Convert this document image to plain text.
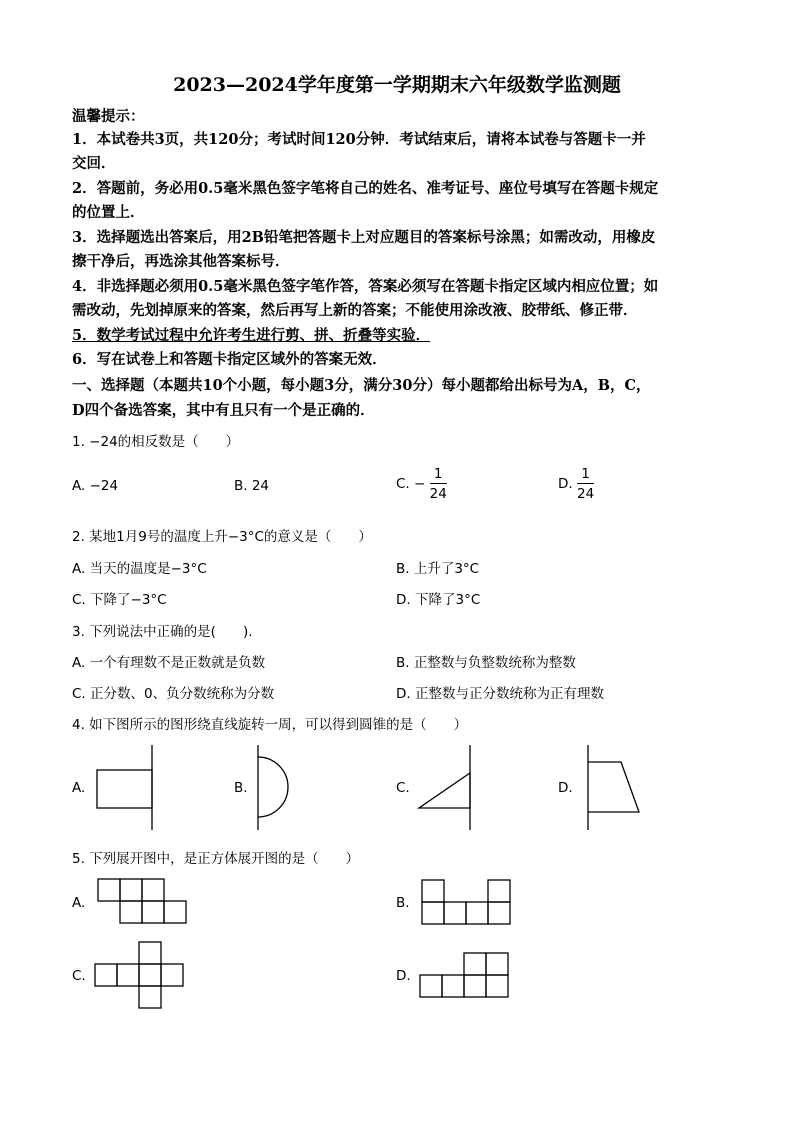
2023—2024学年度第一学期期末六年级数学监测题
温馨提示：
1．本试卷共3页，共120分；考试时间120分钟．考试结束后，请将本试卷与答题卡一并
交回．
2．答题前，务必用0.5毫米黑色签字笔将自己的姓名、准考证号、座位号填写在答题卡规定
的位置上．
3．选择题选出答案后，用2B铅笔把答题卡上对应题目的答案标号涂黑；如需改动，用橡皮
擦干净后，再选涂其他答案标号．
4．非选择题必须用0.5毫米黑色签字笔作答，答案必须写在答题卡指定区域内相应位置；如
需改动，先划掉原来的答案，然后再写上新的答案；不能使用涂改液、胶带纸、修正带．
5．数学考试过程中允许考生进行剪、拼、折叠等实验．
6．写在试卷上和答题卡指定区域外的答案无效．
一、选择题（本题共10个小题，每小题3分，满分30分）每小题都给出标号为A，B，C，
D四个备选答案，其中有且只有一个是正确的．
1. −24的相反数是（　　）
A. −24	B. 24	C. − $\frac{1}{24}$	D. $\frac{1}{24}$
2. 某地1月9号的温度上升−3°C的意义是（　　）
A. 当天的温度是−3°C	B. 上升了3°C
C. 下降了−3°C	D. 下降了3°C
3. 下列说法中正确的是(　　).
A. 一个有理数不是正数就是负数	B. 正整数与负整数统称为整数
C. 正分数、0、负分数统称为分数	D. 正整数与正分数统称为正有理数
4. 如下图所示的图形绕直线旋转一周，可以得到圆锥的是（　　）
A.	B.	C.	D.
5. 下列展开图中，是正方体展开图的是（　　）
A.	B.
C.	D.
